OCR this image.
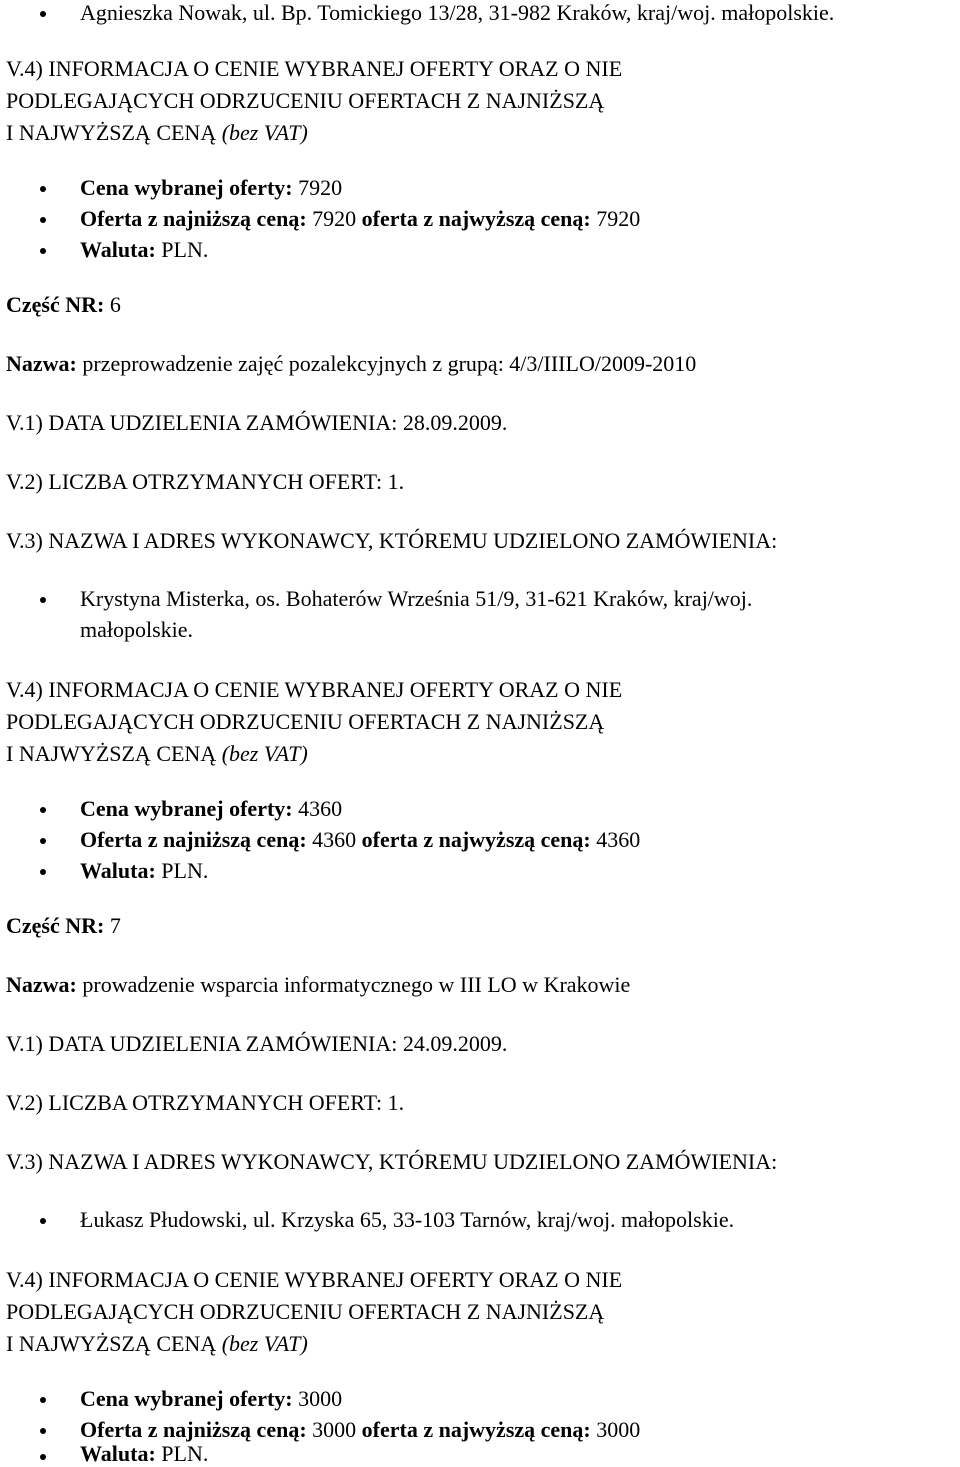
Agnieszka Nowak, ul. Bp. Tomickiego 13/28, 31-982 Kraków, kraj/woj. małopolskie.
V.4) INFORMACJA O CENIE WYBRANEJ OFERTY ORAZ O NIE
PODLEGAJĄCYCH ODRZUCENIU OFERTACH Z NAJNIŻSZĄ
I NAJWYŻSZĄ CENĄ (bez VAT)
Cena wybranej oferty: 7920
Oferta z najniższą ceną: 7920 oferta z najwyższą ceną: 7920
Waluta: PLN.
Część NR: 6
Nazwa: przeprowadzenie zajęć pozalekcyjnych z grupą: 4/3/IIILO/2009-2010
V.1) DATA UDZIELENIA ZAMÓWIENIA: 28.09.2009.
V.2) LICZBA OTRZYMANYCH OFERT: 1.
V.3) NAZWA I ADRES WYKONAWCY, KTÓREMU UDZIELONO ZAMÓWIENIA:
Krystyna Misterka, os. Bohaterów Września 51/9, 31-621 Kraków, kraj/woj.
małopolskie.
V.4) INFORMACJA O CENIE WYBRANEJ OFERTY ORAZ O NIE
PODLEGAJĄCYCH ODRZUCENIU OFERTACH Z NAJNIŻSZĄ
I NAJWYŻSZĄ CENĄ (bez VAT)
Cena wybranej oferty: 4360
Oferta z najniższą ceną: 4360 oferta z najwyższą ceną: 4360
Waluta: PLN.
Część NR: 7
Nazwa: prowadzenie wsparcia informatycznego w III LO w Krakowie
V.1) DATA UDZIELENIA ZAMÓWIENIA: 24.09.2009.
V.2) LICZBA OTRZYMANYCH OFERT: 1.
V.3) NAZWA I ADRES WYKONAWCY, KTÓREMU UDZIELONO ZAMÓWIENIA:
Łukasz Płudowski, ul. Krzyska 65, 33-103 Tarnów, kraj/woj. małopolskie.
V.4) INFORMACJA O CENIE WYBRANEJ OFERTY ORAZ O NIE
PODLEGAJĄCYCH ODRZUCENIU OFERTACH Z NAJNIŻSZĄ
I NAJWYŻSZĄ CENĄ (bez VAT)
Cena wybranej oferty: 3000
Oferta z najniższą ceną: 3000 oferta z najwyższą ceną: 3000
Waluta: PLN.
